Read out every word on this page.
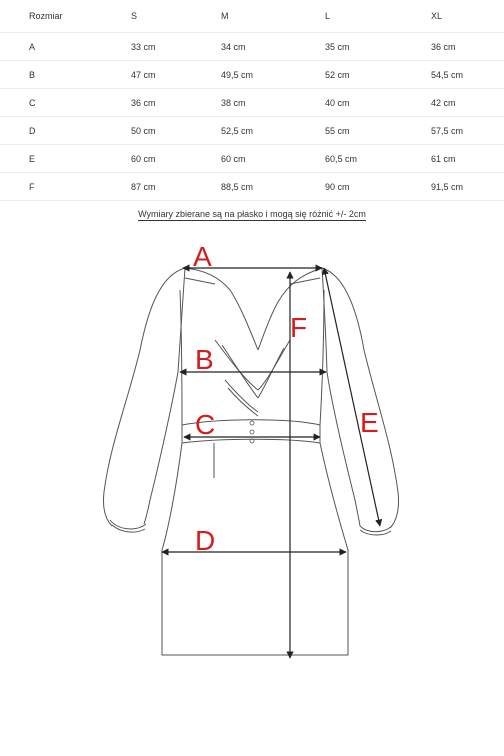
Rozmiar	S	M	L	XL
A	33 cm	34 cm	35 cm	36 cm
B	47 cm	49,5 cm	52 cm	54,5 cm
C	36 cm	38 cm	40 cm	42 cm
D	50 cm	52,5 cm	55 cm	57,5 cm
E	60 cm	60 cm	60,5 cm	61 cm
F	87 cm	88,5 cm	90 cm	91,5 cm
Wymiary zbierane są na płasko i mogą się różnić +/- 2cm
A
B
C
D
E
F
